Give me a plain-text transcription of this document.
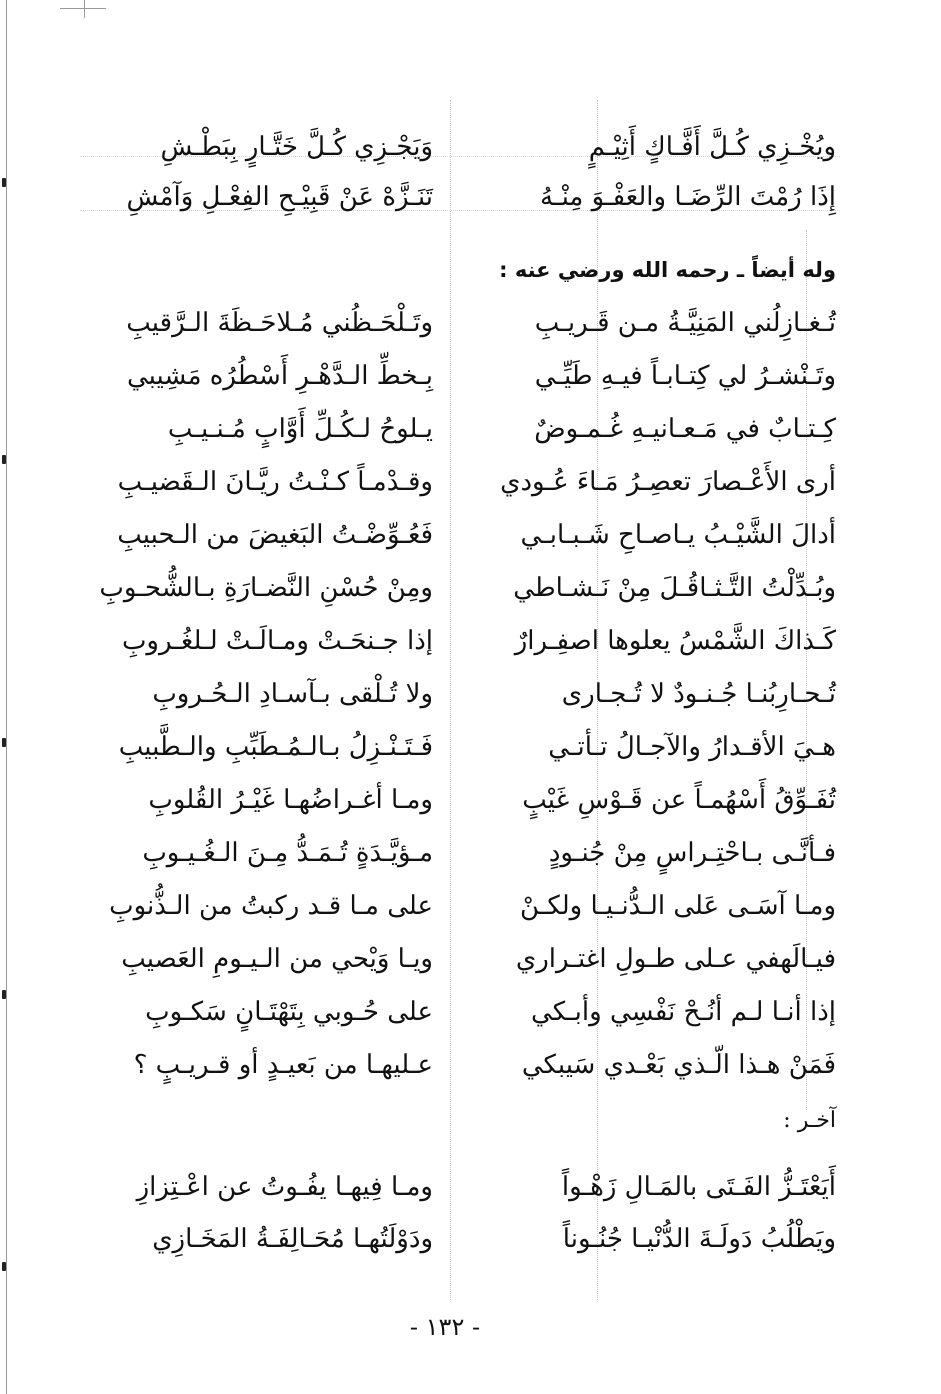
ويُخْـزِي كُـلَّ أَفَّـاكٍ أَثِيْـمٍ
وَيَجْـزِي كُـلَّ خَتَّـارٍ بِبَطْـشِ
إِذَا رُمْتَ الرِّضَـا والعَفْـوَ مِنْـهُ
تَنَـزَّهْ عَنْ قَبِيْـحِ الفِعْـلِ وَآمْشِ
وله أيضاً ـ رحمه الله ورضي عنه :
تُـغـازِلُني المَنِيَّـةُ مـن قَـريـبِ
وتَـلْحَـظُني مُـلاحَـظَةَ الـرَّقيبِ
وتَـنْشـرُ لي كِتـابـاً فيـهِ طَيِّـي
بِـخطِّ الـدَّهْـرِ أَسْطُرُه مَشِيبي
كِـتـابٌ في مَـعـانيـهِ غُـمـوضٌ
يـلوحُ لـكُـلِّ أَوَّابٍ مُـنـيـبِ
أرى الأَعْـصارَ تعصِـرُ مَـاءَ عُـودي
وقـدْمـاً كـنْـتُ ريَّـانَ الـقَضيـبِ
أدالَ الشَّيْـبُ يـاصـاحِ شَـبـابـي
فَعُـوِّضْـتُ البَغيضَ من الـحبيبِ
وبُـدِّلْتُ التَّـثـاقُـلَ مِنْ نَـشـاطي
ومِنْ حُسْنِ النَّضـارَةِ بـالشُّحـوبِ
كَـذاكَ الشَّمْسُ يعلوها اصفِـرارٌ
إذا جـنحَـتْ ومـالَـتْ لـلغُـروبِ
تُـحـارِبُنـا جُـنـودٌ لا تُـجـارى
ولا تُـلْقى بـآسـادِ الـحُـروبِ
هـيَ الأقـدارُ والآجـالُ تـأتـي
فَـتَـنْـزِلُ بـالـمُـطَبِّبِ والـطَّبيبِ
تُفَـوِّقُ أَسْهُمـاً عن قَـوْسِ غَيْبٍ
ومـا أغـراضُهـا غَيْـرُ القُلوبِ
فـأنَّـى بـاحْتِـراسٍ مِنْ جُنـودٍ
مـؤيَّـدَةٍ تُـمَـدُّ مِـنَ الـغُـيـوبِ
ومـا آسَـى عَلى الـدُّنـيـا ولكـنْ
على مـا قـد ركبتُ من الـذُّنوبِ
فيـالَهفي عـلى طـولِ اغتـراري
ويـا وَيْحي من الـيـومِ العَصيبِ
إذا أنـا لـم أنُـحْ نَفْسِي وأبـكي
على حُـوبي بِتَهْتَـانٍ سَكـوبِ
فَمَنْ هـذا الّـذي بَعْـدي سَيبكي
عـليهـا من بَعيـدٍ أو قـريـبٍ ؟
آخـر :
أَيَعْتَـزُّ الفَـتَى بالمَـالِ زَهْـواً
ومـا فِيهـا يفُـوتُ عن اعْـتِزازِ
ويَطْلُبُ دَولَـةَ الدُّنْيـا جُنُـوناً
ودَوْلَتُهـا مُحَـالِفَـةُ المَخَـازِي
- ١٣٢ -
